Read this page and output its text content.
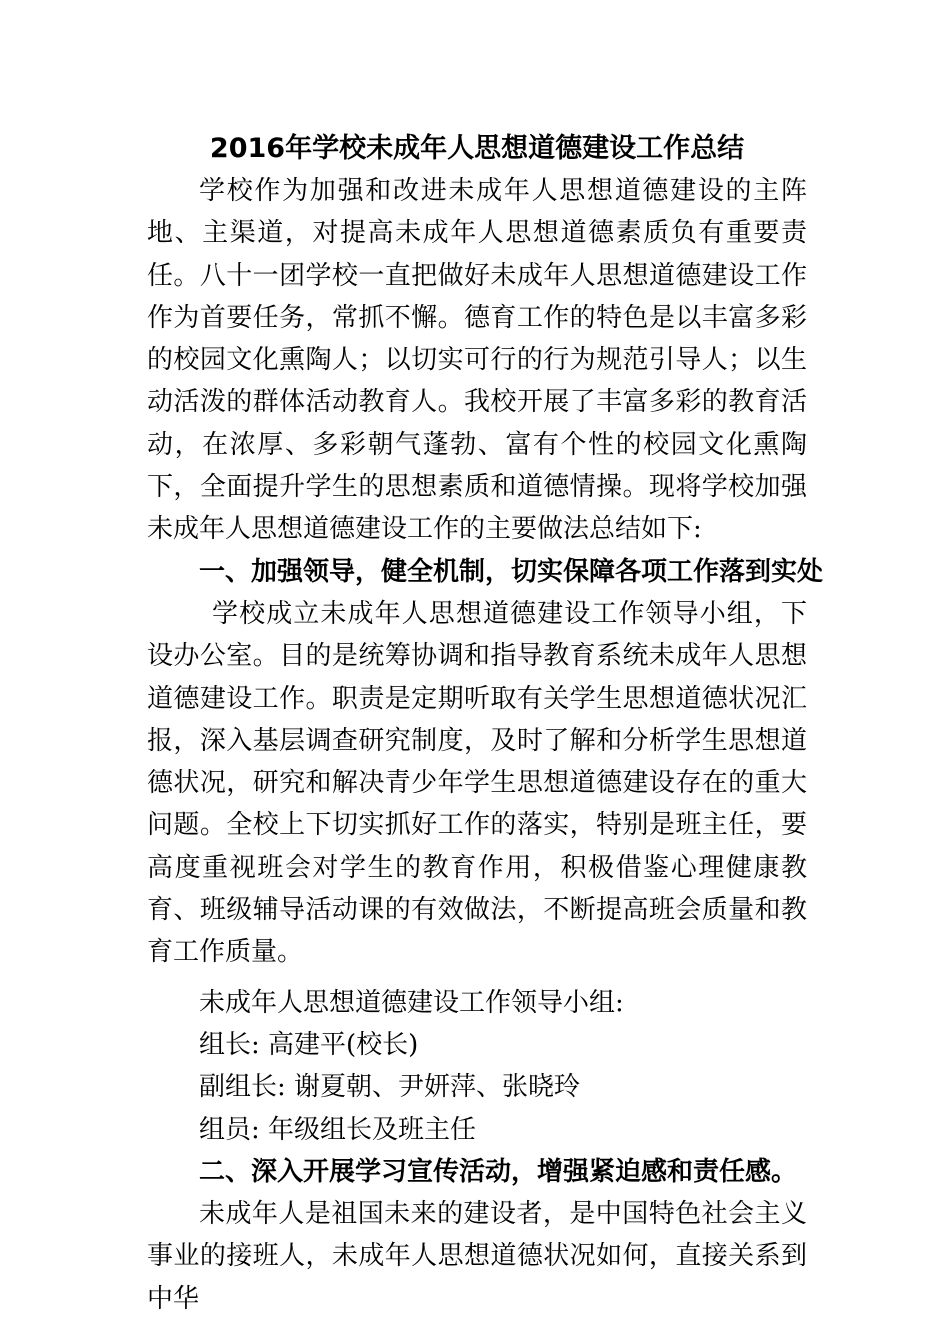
2016年学校未成年人思想道德建设工作总结

学校作为加强和改进未成年人思想道德建设的主阵地、主渠道，对提高未成年人思想道德素质负有重要责任。八十一团学校一直把做好未成年人思想道德建设工作作为首要任务，常抓不懈。德育工作的特色是以丰富多彩的校园文化熏陶人；以切实可行的行为规范引导人；以生动活泼的群体活动教育人。我校开展了丰富多彩的教育活动，在浓厚、多彩朝气蓬勃、富有个性的校园文化熏陶下，全面提升学生的思想素质和道德情操。现将学校加强未成年人思想道德建设工作的主要做法总结如下:

一、加强领导，健全机制，切实保障各项工作落到实处

学校成立未成年人思想道德建设工作领导小组，下设办公室。目的是统筹协调和指导教育系统未成年人思想道德建设工作。职责是定期听取有关学生思想道德状况汇报，深入基层调查研究制度，及时了解和分析学生思想道德状况，研究和解决青少年学生思想道德建设存在的重大问题。全校上下切实抓好工作的落实，特别是班主任，要高度重视班会对学生的教育作用，积极借鉴心理健康教育、班级辅导活动课的有效做法，不断提高班会质量和教育工作质量。

未成年人思想道德建设工作领导小组:

组长: 高建平(校长)

副组长: 谢夏朝、尹妍萍、张晓玲

组员: 年级组长及班主任

二、深入开展学习宣传活动，增强紧迫感和责任感。

未成年人是祖国未来的建设者，是中国特色社会主义事业的接班人，未成年人思想道德状况如何，直接关系到中华
